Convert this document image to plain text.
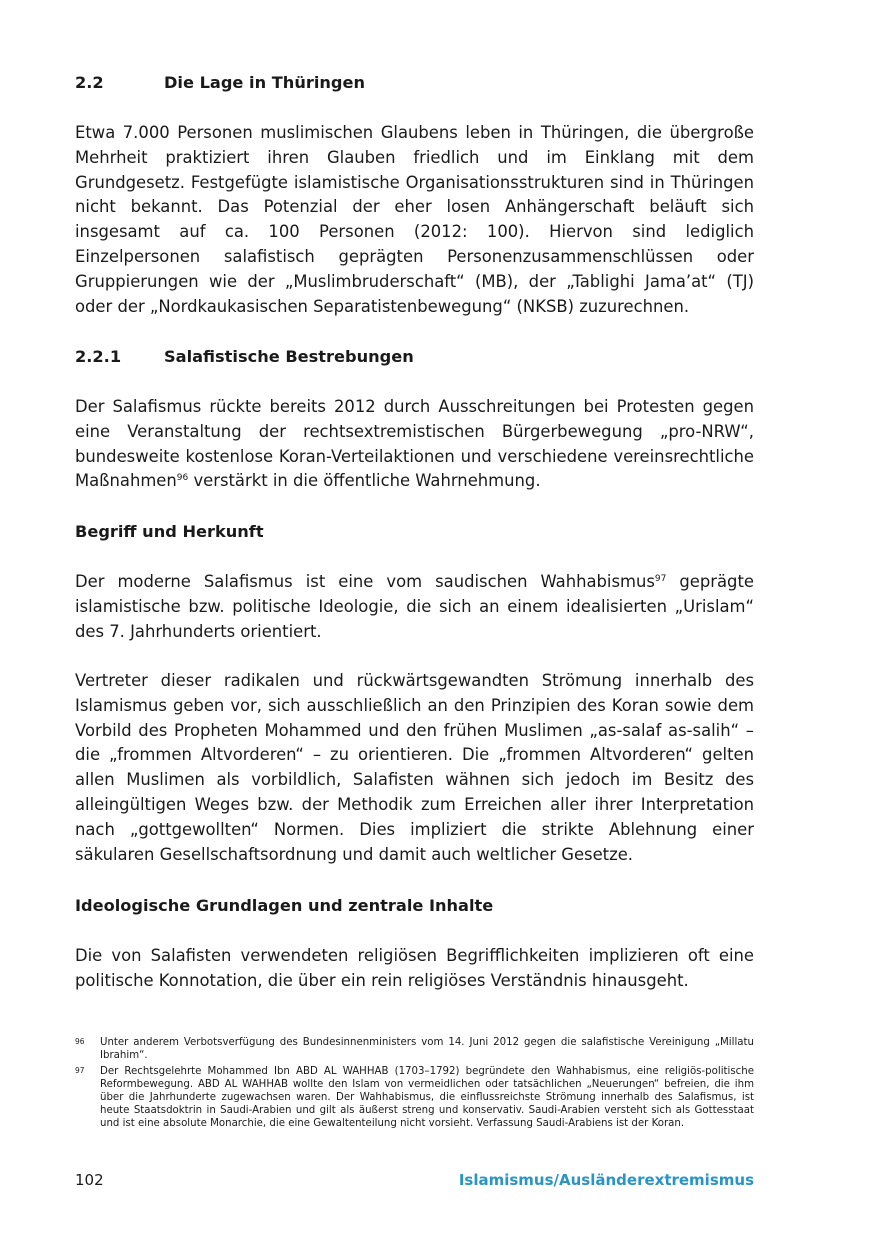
2.2	Die Lage in Thüringen

Etwa 7.000 Personen muslimischen Glaubens leben in Thüringen, die übergroße Mehrheit praktiziert ihren Glauben friedlich und im Einklang mit dem Grundgesetz. Festgefügte islamistische Organisationsstrukturen sind in Thüringen nicht bekannt. Das Potenzial der eher losen Anhängerschaft beläuft sich insgesamt auf ca. 100 Personen (2012: 100). Hiervon sind lediglich Einzelpersonen salafistisch geprägten Personenzusammenschlüssen oder Gruppierungen wie der „Muslimbruderschaft“ (MB), der „Tablighi Jama’at“ (TJ) oder der „Nordkaukasischen Separatistenbewegung“ (NKSB) zuzurechnen.

2.2.1	Salafistische Bestrebungen

Der Salafismus rückte bereits 2012 durch Ausschreitungen bei Protesten gegen eine Veranstaltung der rechtsextremistischen Bürgerbewegung „pro-NRW“, bundesweite kostenlose Koran-Verteilaktionen und verschiedene vereinsrechtliche Maßnahmen$^{96}$ verstärkt in die öffentliche Wahrnehmung.

Begriff und Herkunft

Der moderne Salafismus ist eine vom saudischen Wahhabismus$^{97}$ geprägte islamistische bzw. politische Ideologie, die sich an einem idealisierten „Urislam“ des 7. Jahrhunderts orientiert.

Vertreter dieser radikalen und rückwärtsgewandten Strömung innerhalb des Islamismus geben vor, sich ausschließlich an den Prinzipien des Koran sowie dem Vorbild des Propheten Mohammed und den frühen Muslimen „as-salaf as-salih“ – die „frommen Altvorderen“ – zu orientieren. Die „frommen Altvorderen“ gelten allen Muslimen als vorbildlich, Salafisten wähnen sich jedoch im Besitz des alleingültigen Weges bzw. der Methodik zum Erreichen aller ihrer Interpretation nach „gottgewollten“ Normen. Dies impliziert die strikte Ablehnung einer säkularen Gesellschaftsordnung und damit auch weltlicher Gesetze.

Ideologische Grundlagen und zentrale Inhalte

Die von Salafisten verwendeten religiösen Begrifflichkeiten implizieren oft eine politische Konnotation, die über ein rein religiöses Verständnis hinausgeht.

96 Unter anderem Verbotsverfügung des Bundesinnenministers vom 14. Juni 2012 gegen die salafistische Vereinigung „Millatu Ibrahim“.
97 Der Rechtsgelehrte Mohammed Ibn ABD AL WAHHAB (1703–1792) begründete den Wahhabismus, eine religiös-politische Reformbewegung. ABD AL WAHHAB wollte den Islam von vermeidlichen oder tatsächlichen „Neuerungen“ befreien, die ihm über die Jahrhunderte zugewachsen waren. Der Wahhabismus, die einflussreichste Strömung innerhalb des Salafismus, ist heute Staatsdoktrin in Saudi-Arabien und gilt als äußerst streng und konservativ. Saudi-Arabien versteht sich als Gottesstaat und ist eine absolute Monarchie, die eine Gewaltenteilung nicht vorsieht. Verfassung Saudi-Arabiens ist der Koran.
102	Islamismus/Ausländerextremismus
